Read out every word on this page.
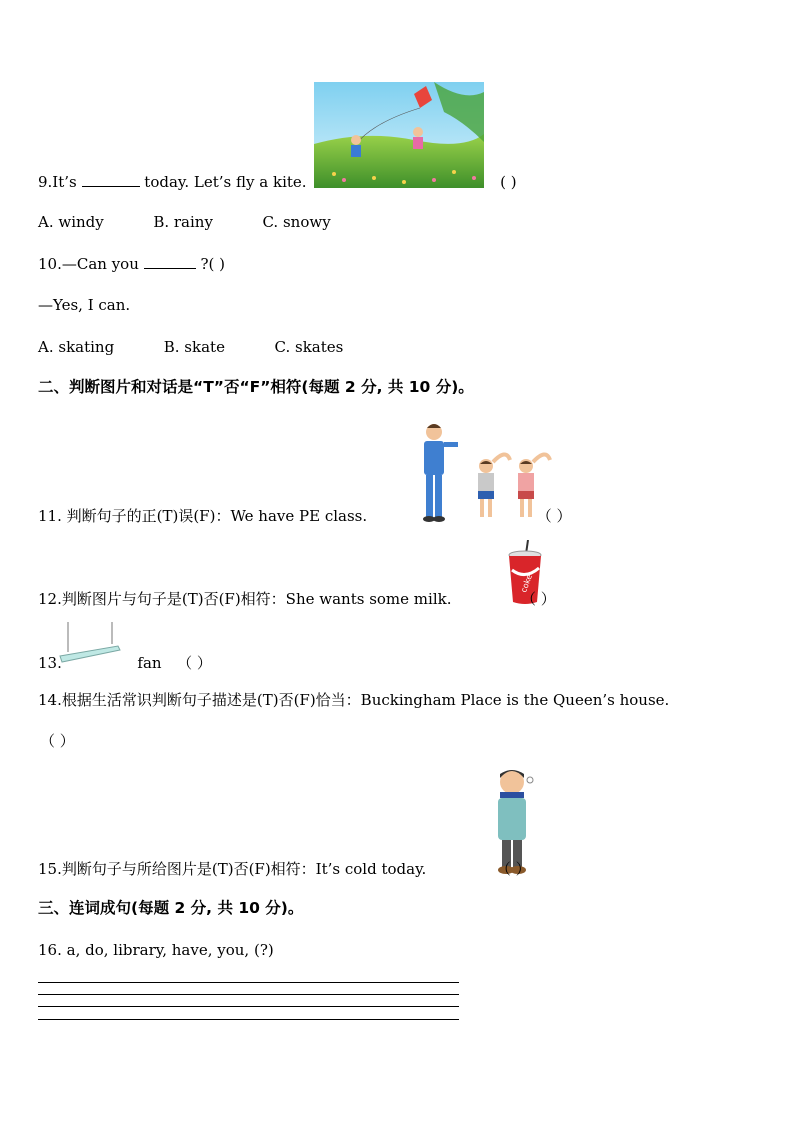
9.It’s	today. Let’s fly a kite.	( )
A. windy	B. rainy	C. snowy
10.—Can you	?( )
—Yes, I can.
A. skating	B. skate	C. skates
二、判断图片和对话是“T”否“F”相符(每题 2 分, 共 10 分)。
11. 判断句子的正(T)误(F)：We have PE class.	（ ）
coke
12.判断图片与句子是(T)否(F)相符：She wants some milk.	（ ）
13.	fan （ ）
14.根据生活常识判断句子描述是(T)否(F)恰当：Buckingham Place is the Queen’s house.
（ ）
15.判断句子与所给图片是(T)否(F)相符：It’s cold today.	（ ）
三、连词成句(每题 2 分, 共 10 分)。
16. a, do, library, have, you, (?)
